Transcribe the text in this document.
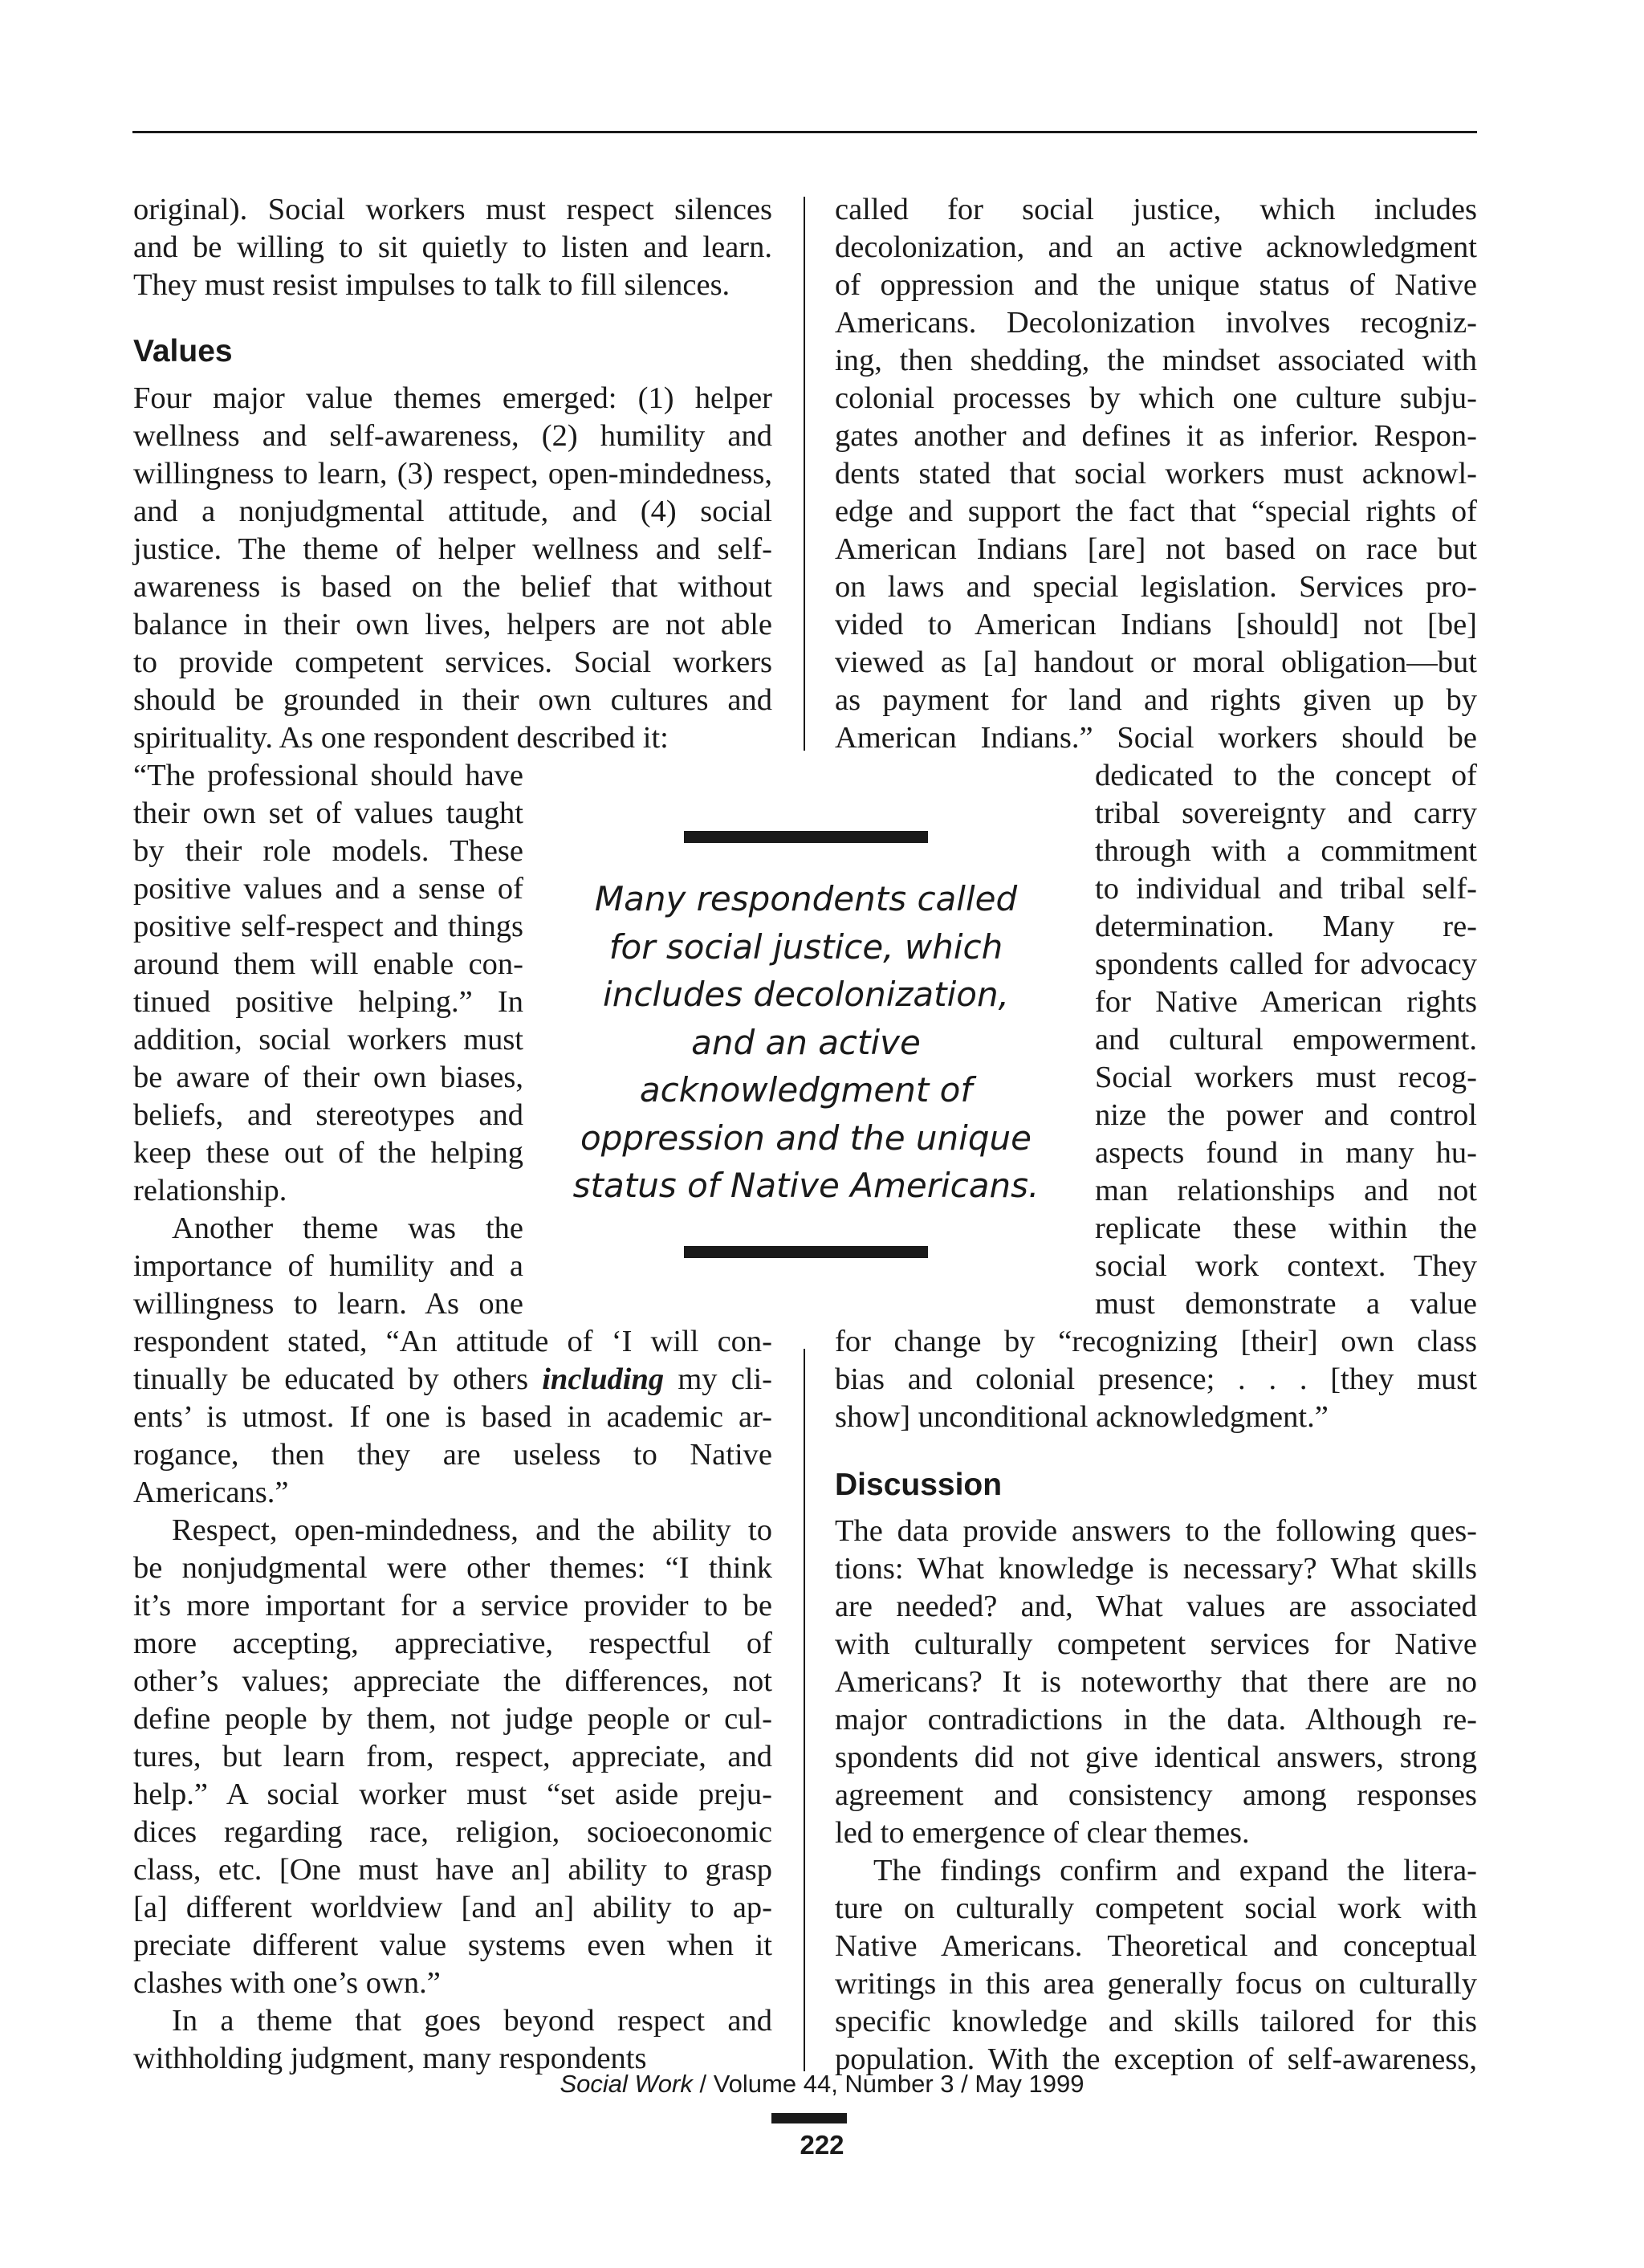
original). Social workers must respect silences
and be willing to sit quietly to listen and learn.
They must resist impulses to talk to fill silences.
Values
Four major value themes emerged: (1) helper
wellness and self-awareness, (2) humility and
willingness to learn, (3) respect, open-mindedness,
and a nonjudgmental attitude, and (4) social
justice. The theme of helper wellness and self-
awareness is based on the belief that without
balance in their own lives, helpers are not able
to provide competent services. Social workers
should be grounded in their own cultures and
spirituality. As one respondent described it:
“The professional should have
their own set of values taught
by their role models. These
positive values and a sense of
positive self-respect and things
around them will enable con-
tinued positive helping.” In
addition, social workers must
be aware of their own biases,
beliefs, and stereotypes and
keep these out of the helping
relationship.
Another theme was the
importance of humility and a
willingness to learn. As one
respondent stated, “An attitude of ‘I will con-
tinually be educated by others including my cli-
ents’ is utmost. If one is based in academic ar-
rogance, then they are useless to Native
Americans.”
Respect, open-mindedness, and the ability to
be nonjudgmental were other themes: “I think
it’s more important for a service provider to be
more accepting, appreciative, respectful of
other’s values; appreciate the differences, not
define people by them, not judge people or cul-
tures, but learn from, respect, appreciate, and
help.” A social worker must “set aside preju-
dices regarding race, religion, socioeconomic
class, etc. [One must have an] ability to grasp
[a] different worldview [and an] ability to ap-
preciate different value systems even when it
clashes with one’s own.”
In a theme that goes beyond respect and
withholding judgment, many respondents
Many respondents called
for social justice, which
includes decolonization,
and an active
acknowledgment of
oppression and the unique
status of Native Americans.
called for social justice, which includes
decolonization, and an active acknowledgment
of oppression and the unique status of Native
Americans. Decolonization involves recogniz-
ing, then shedding, the mindset associated with
colonial processes by which one culture subju-
gates another and defines it as inferior. Respon-
dents stated that social workers must acknowl-
edge and support the fact that “special rights of
American Indians [are] not based on race but
on laws and special legislation. Services pro-
vided to American Indians [should] not [be]
viewed as [a] handout or moral obligation—but
as payment for land and rights given up by
American Indians.” Social workers should be
dedicated to the concept of
tribal sovereignty and carry
through with a commitment
to individual and tribal self-
determination. Many re-
spondents called for advocacy
for Native American rights
and cultural empowerment.
Social workers must recog-
nize the power and control
aspects found in many hu-
man relationships and not
replicate these within the
social work context. They
must demonstrate a value
for change by “recognizing [their] own class
bias and colonial presence; . . . [they must
show] unconditional acknowledgment.”
Discussion
The data provide answers to the following ques-
tions: What knowledge is necessary? What skills
are needed? and, What values are associated
with culturally competent services for Native
Americans? It is noteworthy that there are no
major contradictions in the data. Although re-
spondents did not give identical answers, strong
agreement and consistency among responses
led to emergence of clear themes.
The findings confirm and expand the litera-
ture on culturally competent social work with
Native Americans. Theoretical and conceptual
writings in this area generally focus on culturally
specific knowledge and skills tailored for this
population. With the exception of self-awareness,
Social Work / Volume 44, Number 3 / May 1999
222
